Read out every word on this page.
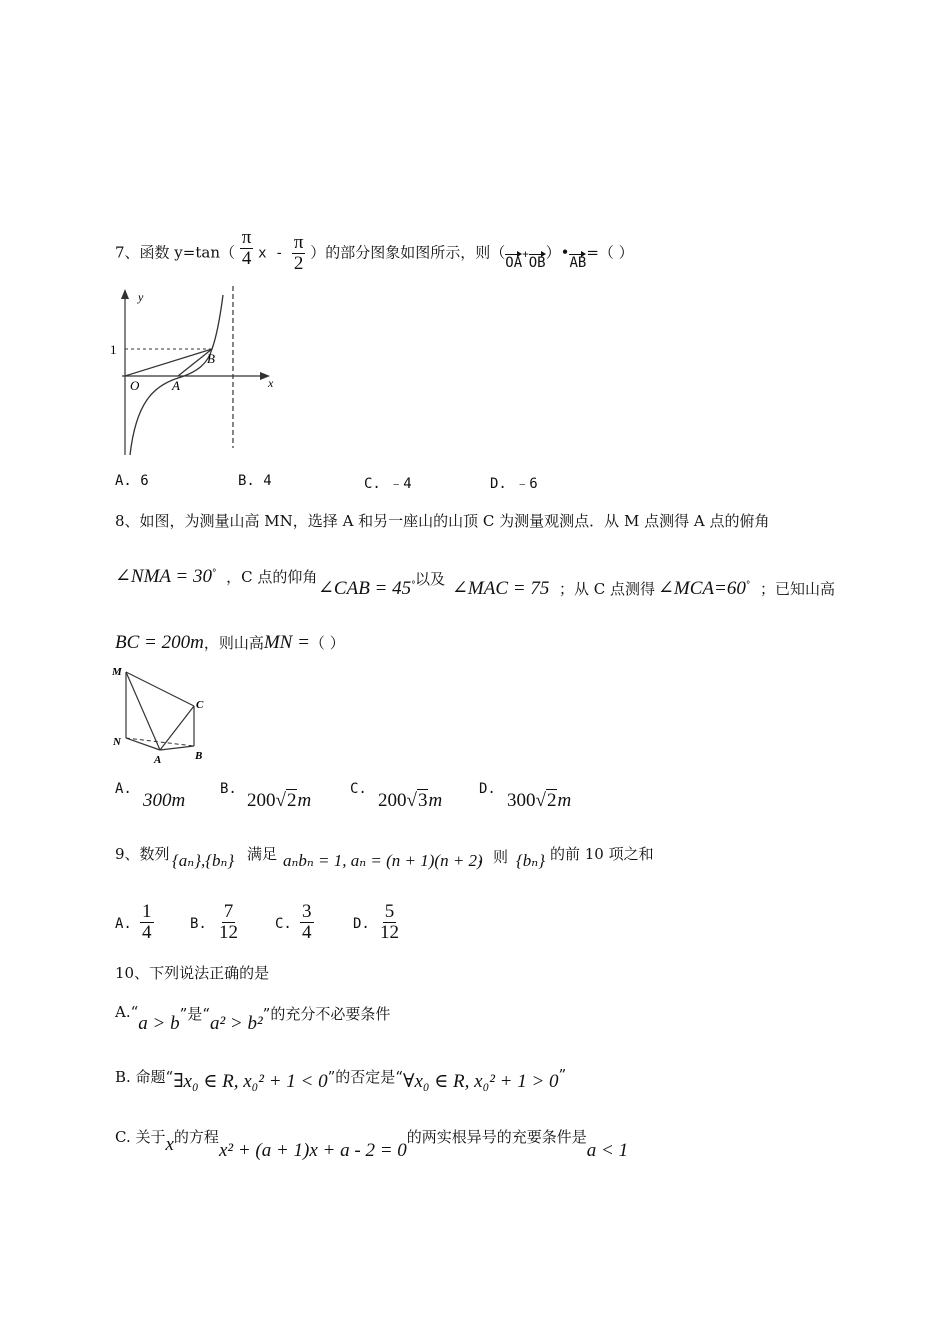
7、函数 $y=\tan( \frac{\pi}{4}$ x - $\frac{\pi}{2}$ ）的部分图象如图所示，则（OA+OB）•AB=（ ）
y
x
O
1
A
B
A. 6	B. 4	C. ﹣4	D. ﹣6
8、如图，为测量山高 MN，选择 A 和另一座山的山顶 C 为测量观测点．从 M 点测得 A 点的俯角
∠NMA = 30° ，C 点的仰角
∠CAB = 45° 以及 ∠MAC = 75 ；从 C 点测得 ∠MCA=60° ；已知山高
BC = 200m，则山高MN =（ ）
M
N
A	B
C
A.
300m
B.
200√2m
C.
200√3m
D.
300√2m
9、数列 {aₙ},{bₙ} 满足 aₙbₙ = 1, aₙ = (n + 1)(n + 2)
，则 {bₙ} 的前 10 项之和
A. $\frac{1}{4}$	B. $\frac{7}{12}$	C. $\frac{3}{4}$	D. $\frac{5}{12}$
10、下列说法正确的是
A.“a > b”是“a² > b²”的充分不必要条件
B. 命题“∃x₀ ∈ R, x₀² + 1 < 0”的否定是“∀x₀ ∈ R, x₀² + 1 > 0”
C. 关于x的方程x² + (a + 1)x + a - 2 = 0的两实根异号的充要条件是a < 1
